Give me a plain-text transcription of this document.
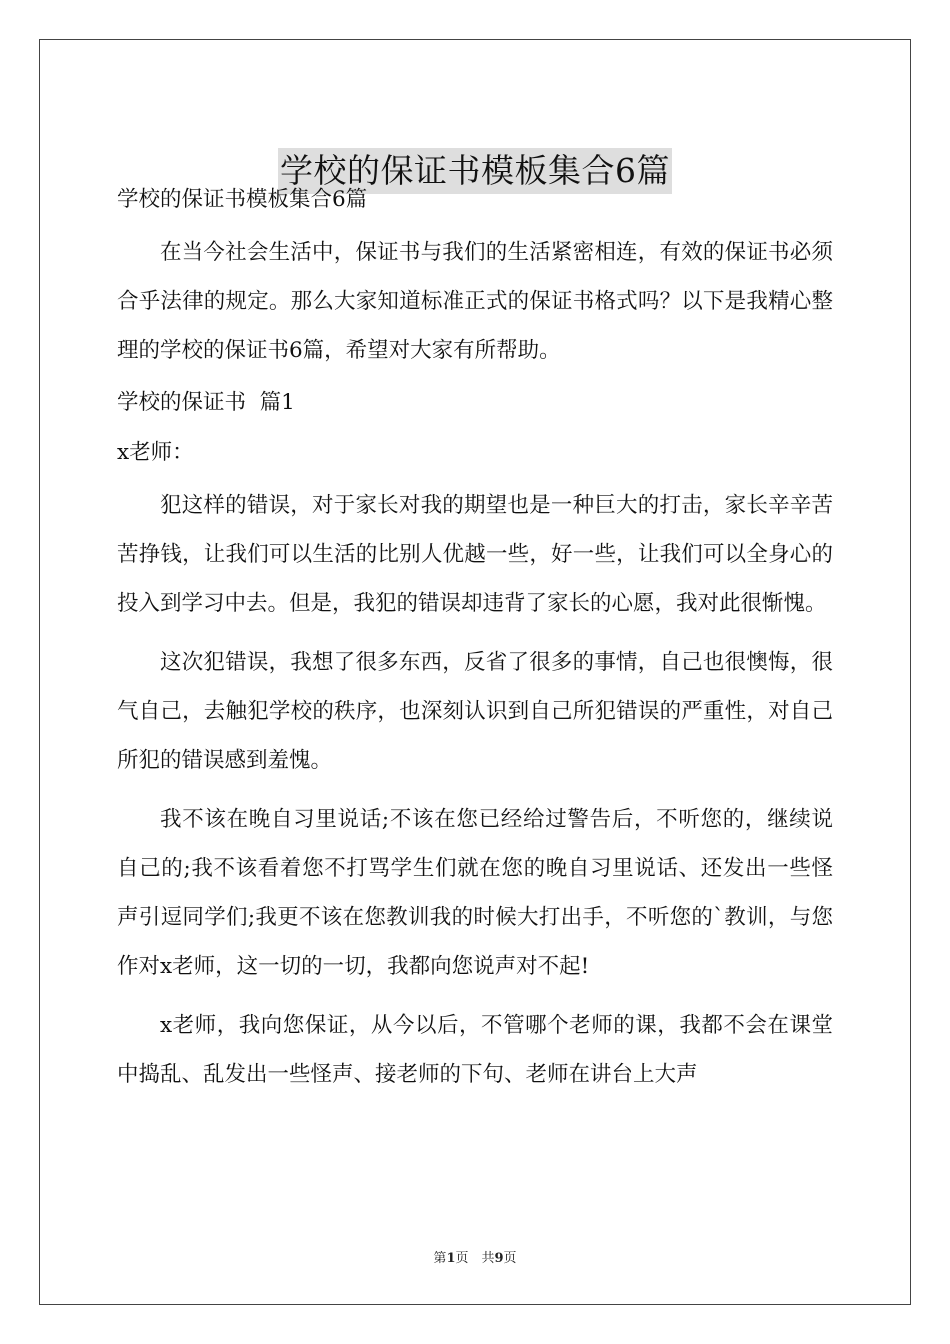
学校的保证书模板集合6篇

学校的保证书模板集合6篇

在当今社会生活中，保证书与我们的生活紧密相连，有效的保证书必须合乎法律的规定。那么大家知道标准正式的保证书格式吗？以下是我精心整理的学校的保证书6篇，希望对大家有所帮助。

学校的保证书  篇1

x老师：

犯这样的错误，对于家长对我的期望也是一种巨大的打击，家长辛辛苦苦挣钱，让我们可以生活的比别人优越一些，好一些，让我们可以全身心的投入到学习中去。但是，我犯的错误却违背了家长的心愿，我对此很惭愧。

这次犯错误，我想了很多东西，反省了很多的事情，自己也很懊悔，很气自己，去触犯学校的秩序，也深刻认识到自己所犯错误的严重性，对自己所犯的错误感到羞愧。

我不该在晚自习里说话;不该在您已经给过警告后，不听您的，继续说自己的;我不该看着您不打骂学生们就在您的晚自习里说话、还发出一些怪声引逗同学们;我更不该在您教训我的时候大打出手，不听您的`教训，与您作对x老师，这一切的一切，我都向您说声对不起!

x老师，我向您保证，从今以后，不管哪个老师的课，我都不会在课堂中捣乱、乱发出一些怪声、接老师的下句、老师在讲台上大声

第1页　共9页
